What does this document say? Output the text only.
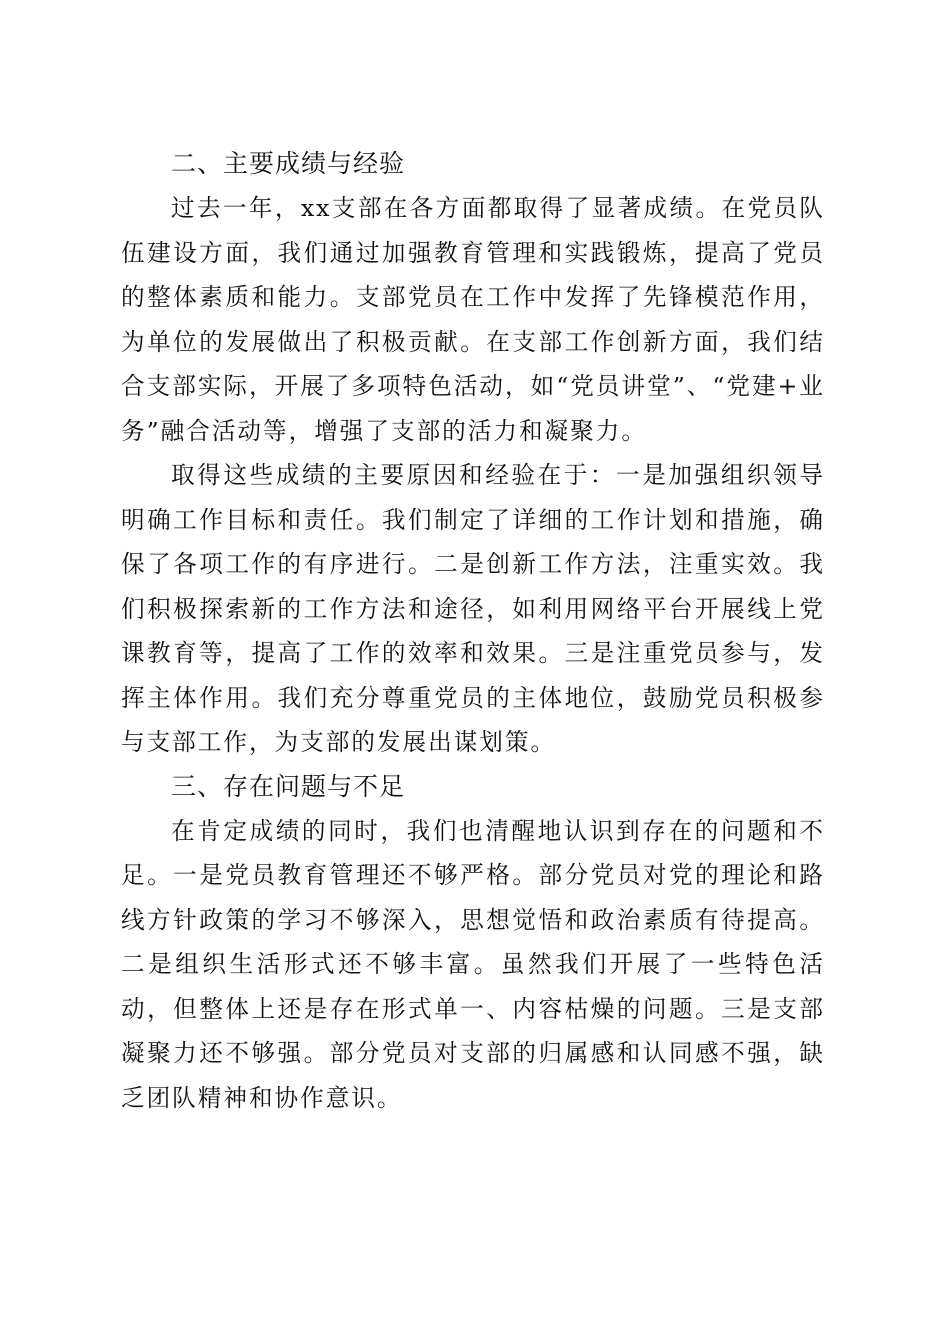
二、主要成绩与经验

过去一年，xx支部在各方面都取得了显著成绩。在党员队伍建设方面，我们通过加强教育管理和实践锻炼，提高了党员的整体素质和能力。支部党员在工作中发挥了先锋模范作用，为单位的发展做出了积极贡献。在支部工作创新方面，我们结合支部实际，开展了多项特色活动，如“党员讲堂”、“党建+业务”融合活动等，增强了支部的活力和凝聚力。

取得这些成绩的主要原因和经验在于：一是加强组织领导明确工作目标和责任。我们制定了详细的工作计划和措施，确保了各项工作的有序进行。二是创新工作方法，注重实效。我们积极探索新的工作方法和途径，如利用网络平台开展线上党课教育等，提高了工作的效率和效果。三是注重党员参与，发挥主体作用。我们充分尊重党员的主体地位，鼓励党员积极参与支部工作，为支部的发展出谋划策。

三、存在问题与不足

在肯定成绩的同时，我们也清醒地认识到存在的问题和不足。一是党员教育管理还不够严格。部分党员对党的理论和路线方针政策的学习不够深入，思想觉悟和政治素质有待提高。二是组织生活形式还不够丰富。虽然我们开展了一些特色活动，但整体上还是存在形式单一、内容枯燥的问题。三是支部凝聚力还不够强。部分党员对支部的归属感和认同感不强，缺乏团队精神和协作意识。
